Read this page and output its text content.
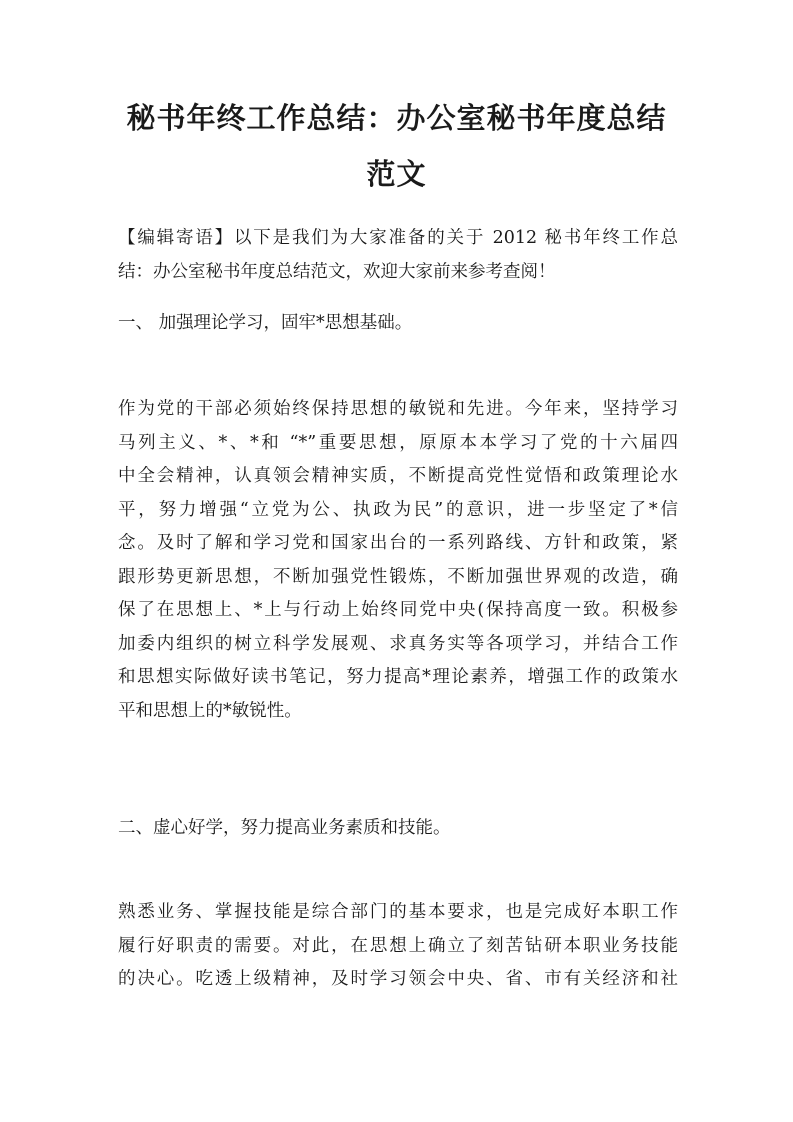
秘书年终工作总结：办公室秘书年度总结
范文
【编辑寄语】以下是我们为大家准备的关于 2012 秘书年终工作总
结：办公室秘书年度总结范文，欢迎大家前来参考查阅！
一、 加强理论学习，固牢*思想基础。
作为党的干部必须始终保持思想的敏锐和先进。今年来，坚持学习
马列主义、*、*和 “*”重要思想，原原本本学习了党的十六届四
中全会精神，认真领会精神实质，不断提高党性觉悟和政策理论水
平，努力增强“立党为公、执政为民”的意识，进一步坚定了*信
念。及时了解和学习党和国家出台的一系列路线、方针和政策，紧
跟形势更新思想，不断加强党性锻炼，不断加强世界观的改造，确
保了在思想上、*上与行动上始终同党中央(保持高度一致。积极参
加委内组织的树立科学发展观、求真务实等各项学习，并结合工作
和思想实际做好读书笔记，努力提高*理论素养，增强工作的政策水
平和思想上的*敏锐性。
二、虚心好学，努力提高业务素质和技能。
熟悉业务、掌握技能是综合部门的基本要求，也是完成好本职工作
履行好职责的需要。对此，在思想上确立了刻苦钻研本职业务技能
的决心。吃透上级精神，及时学习领会中央、省、市有关经济和社
